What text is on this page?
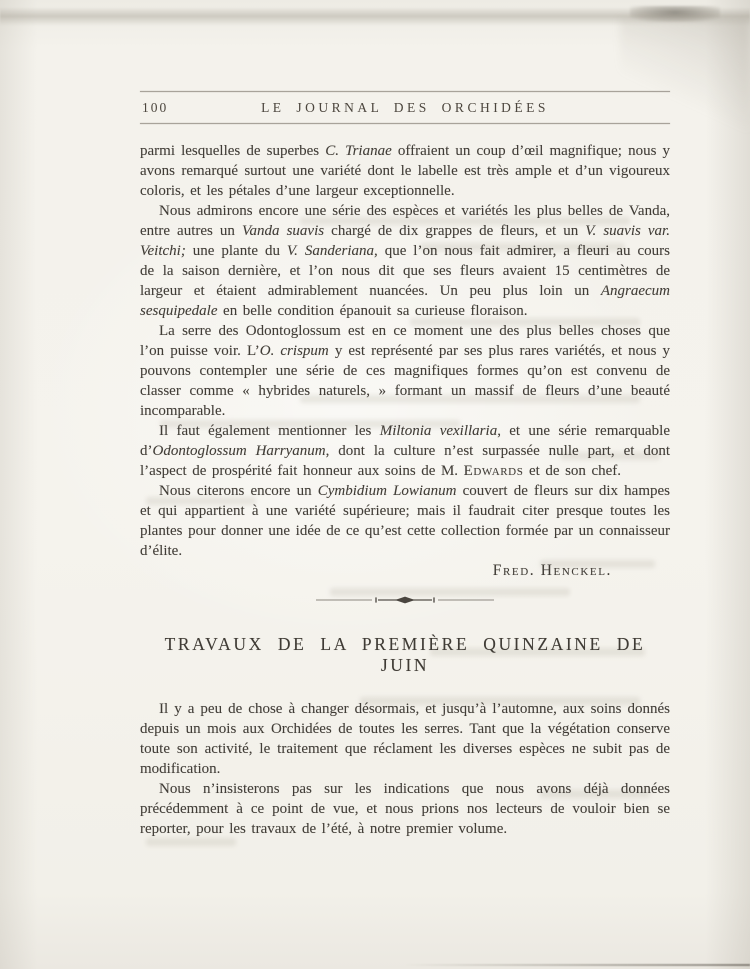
100	LE JOURNAL DES ORCHIDÉES

parmi lesquelles de superbes C. Trianae offraient un coup d’œil magnifique; nous y avons remarqué surtout une variété dont le labelle est très ample et d’un vigoureux coloris, et les pétales d’une largeur exceptionnelle.

Nous admirons encore une série des espèces et variétés les plus belles de Vanda, entre autres un Vanda suavis chargé de dix grappes de fleurs, et un V. suavis var. Veitchi; une plante du V. Sanderiana, que l’on nous fait admirer, a fleuri au cours de la saison dernière, et l’on nous dit que ses fleurs avaient 15 centimètres de largeur et étaient admirablement nuancées. Un peu plus loin un Angraecum sesquipedale en belle condition épanouit sa curieuse floraison.

La serre des Odontoglossum est en ce moment une des plus belles choses que l’on puisse voir. L’O. crispum y est représenté par ses plus rares variétés, et nous y pouvons contempler une série de ces magnifiques formes qu’on est convenu de classer comme « hybrides naturels, » formant un massif de fleurs d’une beauté incomparable.

Il faut également mentionner les Miltonia vexillaria, et une série remarquable d’Odontoglossum Harryanum, dont la culture n’est surpassée nulle part, et dont l’aspect de prospérité fait honneur aux soins de M. Edwards et de son chef.

Nous citerons encore un Cymbidium Lowianum couvert de fleurs sur dix hampes et qui appartient à une variété supérieure; mais il faudrait citer presque toutes les plantes pour donner une idée de ce qu’est cette collection formée par un connaisseur d’élite.

Fred. Henckel.

TRAVAUX DE LA PREMIÈRE QUINZAINE DE JUIN

Il y a peu de chose à changer désormais, et jusqu’à l’automne, aux soins donnés depuis un mois aux Orchidées de toutes les serres. Tant que la végétation conserve toute son activité, le traitement que réclament les diverses espèces ne subit pas de modification.

Nous n’insisterons pas sur les indications que nous avons déjà données précédemment à ce point de vue, et nous prions nos lecteurs de vouloir bien se reporter, pour les travaux de l’été, à notre premier volume.
